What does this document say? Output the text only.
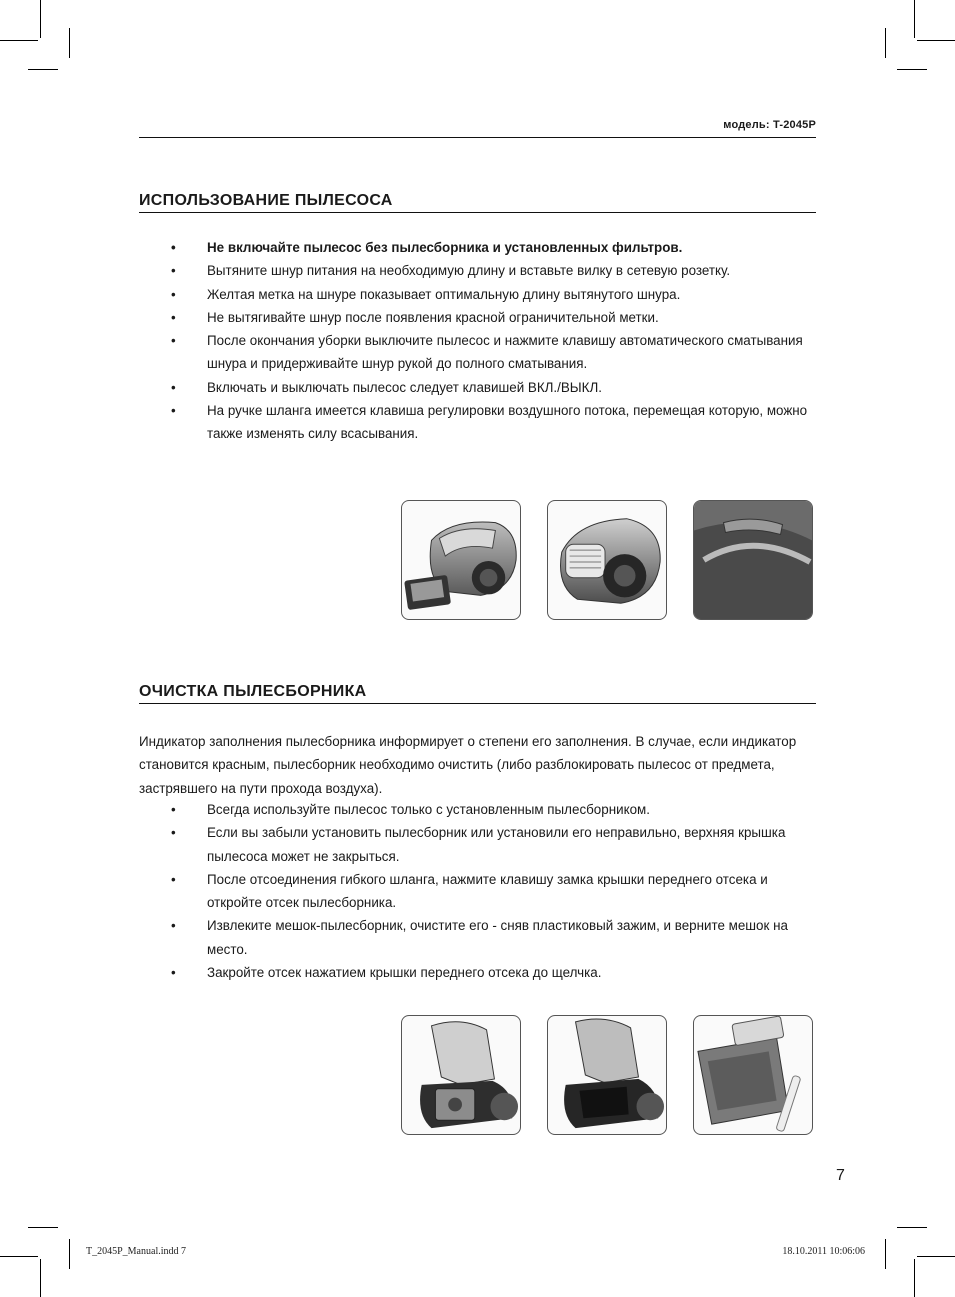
модель: T-2045P
ИСПОЛЬЗОВАНИЕ ПЫЛЕСОСА
• Не включайте пылесос без пылесборника и установленных фильтров.
• Вытяните шнур питания на необходимую длину и вставьте вилку в сетевую розетку.
• Желтая метка на шнуре показывает оптимальную длину вытянутого шнура.
• Не вытягивайте шнур после появления красной ограничительной метки.
• После окончания уборки выключите пылесос и нажмите клавишу автоматического сматывания шнура и придерживайте шнур рукой до полного сматывания.
• Включать и выключать пылесос следует клавишей ВКЛ./ВЫКЛ.
• На ручке шланга имеется клавиша регулировки воздушного потока, перемещая которую, можно также изменять силу всасывания.
ОЧИСТКА ПЫЛЕСБОРНИКА

Индикатор заполнения пылесборника информирует о степени его заполнения. В случае, если индикатор становится красным, пылесборник необходимо очистить (либо разблокировать пылесос от предмета, застрявшего на пути прохода воздуха).

• Всегда используйте пылесос только с установленным пылесборником.
• Если вы забыли установить пылесборник или установили его неправильно, верхняя крышка пылесоса может не закрыться.
• После отсоединения гибкого шланга, нажмите клавишу замка крышки переднего отсека и откройте отсек пылесборника.
• Извлеките мешок-пылесборник, очистите его - сняв пластиковый зажим, и верните мешок на место.
• Закройте отсек нажатием крышки переднего отсека до щелчка.
7
T_2045P_Manual.indd 7	18.10.2011 10:06:06
